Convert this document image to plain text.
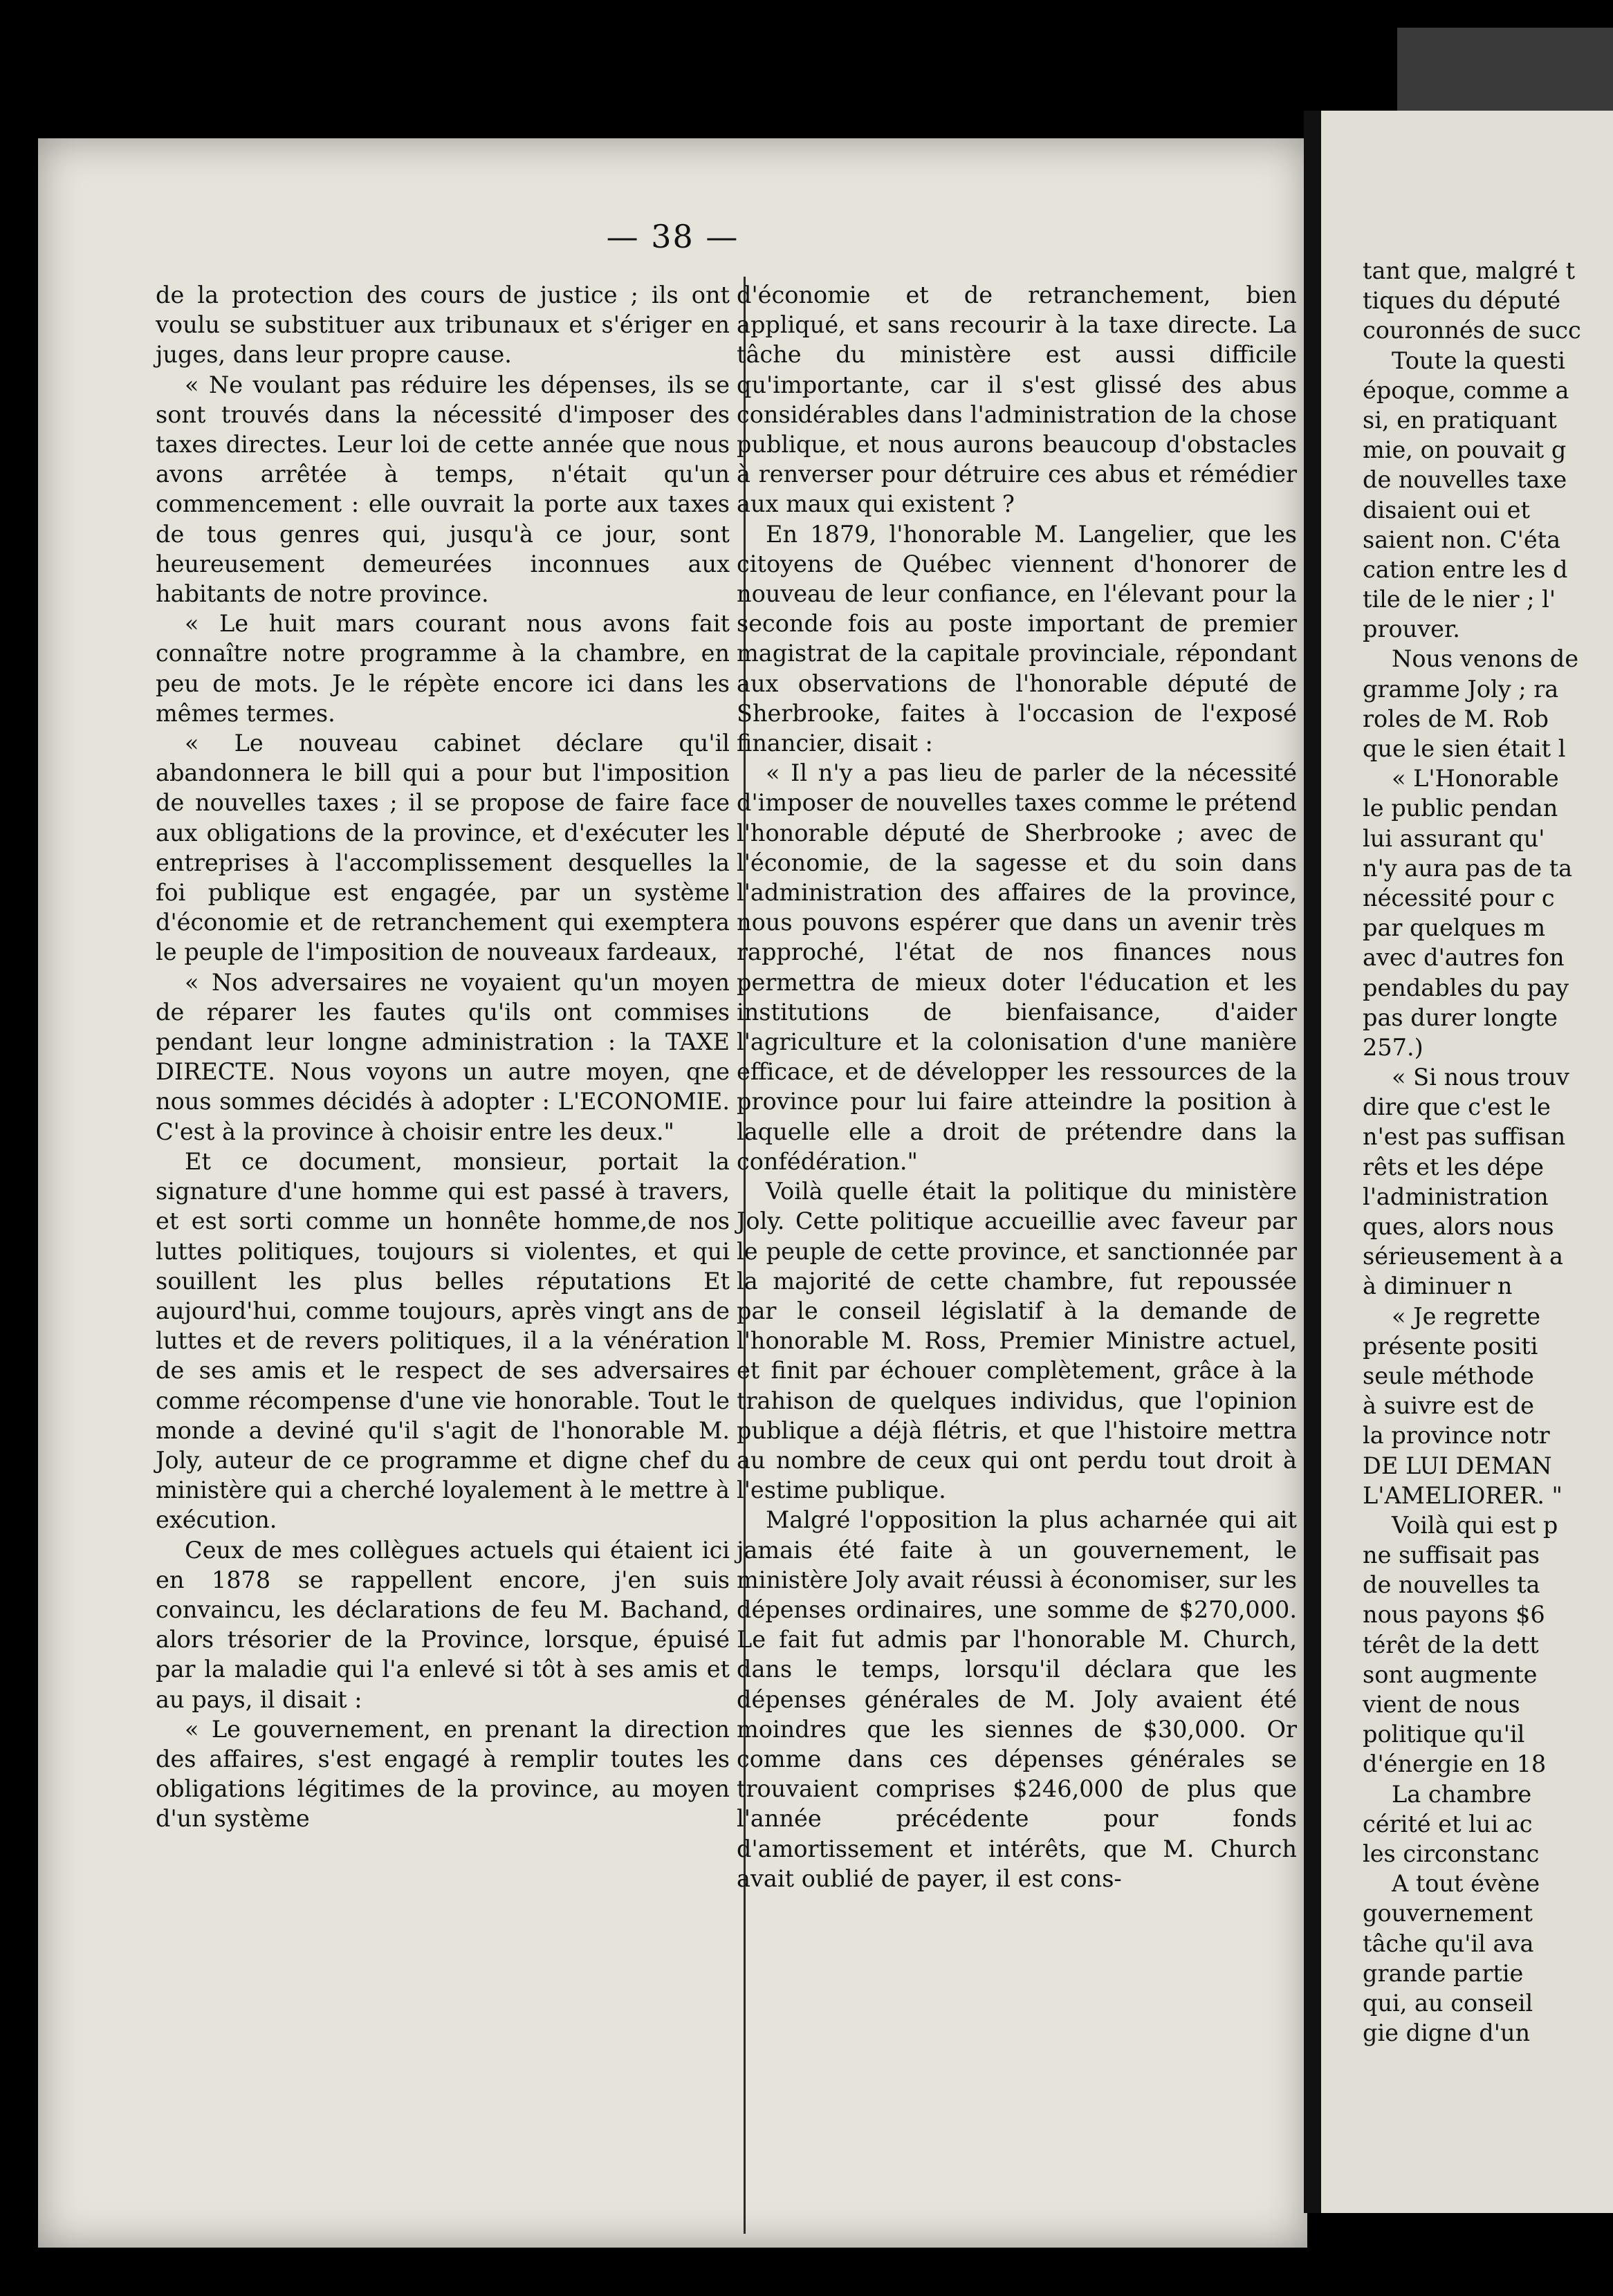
— 38 —

de la protection des cours de justice ; ils ont voulu se substituer aux tribunaux et s'ériger en juges, dans leur propre cause.

« Ne voulant pas réduire les dépenses, ils se sont trouvés dans la nécessité d'imposer des taxes directes. Leur loi de cette année que nous avons arrêtée à temps, n'était qu'un commencement : elle ouvrait la porte aux taxes de tous genres qui, jusqu'à ce jour, sont heureusement demeurées inconnues aux habitants de notre province.

« Le huit mars courant nous avons fait connaître notre programme à la chambre, en peu de mots. Je le répète encore ici dans les mêmes termes.

« Le nouveau cabinet déclare qu'il abandonnera le bill qui a pour but l'imposition de nouvelles taxes ; il se propose de faire face aux obligations de la province, et d'exécuter les entreprises à l'accomplissement desquelles la foi publique est engagée, par un système d'économie et de retranchement qui exemptera le peuple de l'imposition de nouveaux fardeaux,

« Nos adversaires ne voyaient qu'un moyen de réparer les fautes qu'ils ont commises pendant leur longne administration : la TAXE DIRECTE. Nous voyons un autre moyen, qne nous sommes décidés à adopter : L'ECONOMIE. C'est à la province à choisir entre les deux."

Et ce document, monsieur, portait la signature d'une homme qui est passé à travers, et est sorti comme un honnête homme,de nos luttes politiques, toujours si violentes, et qui souillent les plus belles réputations Et aujourd'hui, comme toujours, après vingt ans de luttes et de revers politiques, il a la vénération de ses amis et le respect de ses adversaires comme récompense d'une vie honorable. Tout le monde a deviné qu'il s'agit de l'honorable M. Joly, auteur de ce programme et digne chef du ministère qui a cherché loyalement à le mettre à exécution.

Ceux de mes collègues actuels qui étaient ici en 1878 se rappellent encore, j'en suis convaincu, les déclarations de feu M. Bachand, alors trésorier de la Province, lorsque, épuisé par la maladie qui l'a enlevé si tôt à ses amis et au pays, il disait :

« Le gouvernement, en prenant la direction des affaires, s'est engagé à remplir toutes les obligations légitimes de la province, au moyen d'un système

d'économie et de retranchement, bien appliqué, et sans recourir à la taxe directe. La tâche du ministère est aussi difficile qu'importante, car il s'est glissé des abus considérables dans l'administration de la chose publique, et nous aurons beaucoup d'obstacles à renverser pour détruire ces abus et rémédier aux maux qui existent ?

En 1879, l'honorable M. Langelier, que les citoyens de Québec viennent d'honorer de nouveau de leur confiance, en l'élevant pour la seconde fois au poste important de premier magistrat de la capitale provinciale, répondant aux observations de l'honorable député de Sherbrooke, faites à l'occasion de l'exposé financier, disait :

« Il n'y a pas lieu de parler de la nécessité d'imposer de nouvelles taxes comme le prétend l'honorable député de Sherbrooke ; avec de l'économie, de la sagesse et du soin dans l'administration des affaires de la province, nous pouvons espérer que dans un avenir très rapproché, l'état de nos finances nous permettra de mieux doter l'éducation et les institutions de bienfaisance, d'aider l'agriculture et la colonisation d'une manière efficace, et de développer les ressources de la province pour lui faire atteindre la position à laquelle elle a droit de prétendre dans la confédération."

Voilà quelle était la politique du ministère Joly. Cette politique accueillie avec faveur par le peuple de cette province, et sanctionnée par la majorité de cette chambre, fut repoussée par le conseil législatif à la demande de l'honorable M. Ross, Premier Ministre actuel, et finit par échouer complètement, grâce à la trahison de quelques individus, que l'opinion publique a déjà flétris, et que l'histoire mettra au nombre de ceux qui ont perdu tout droit à l'estime publique.

Malgré l'opposition la plus acharnée qui ait jamais été faite à un gouvernement, le ministère Joly avait réussi à économiser, sur les dépenses ordinaires, une somme de $270,000. Le fait fut admis par l'honorable M. Church, dans le temps, lorsqu'il déclara que les dépenses générales de M. Joly avaient été moindres que les siennes de $30,000. Or comme dans ces dépenses générales se trouvaient comprises $246,000 de plus que l'année précédente pour fonds d'amortissement et intérêts, que M. Church avait oublié de payer, il est cons-

tant que, malgré t
tiques du député
couronnés de succ
Toute la questi
époque, comme a
si, en pratiquant
mie, on pouvait g
de nouvelles taxe
disaient oui et
saient non. C'éta
cation entre les d
tile de le nier ; l'
prouver.
Nous venons de
gramme Joly ; ra
roles de M. Rob
que le sien était l
« L'Honorable
le public pendan
lui assurant qu'
n'y aura pas de ta
nécessité pour c
par quelques m
avec d'autres fon
pendables du pay
pas durer longte
257.)
« Si nous trouv
dire que c'est le
n'est pas suffisan
rêts et les dépe
l'administration
ques, alors nous
sérieusement à a
à diminuer n
« Je regrette
présente positi
seule méthode
à suivre est de
la province notr
DE LUI DEMAN
L'AMELIORER. "
Voilà qui est p
ne suffisait pas
de nouvelles ta
nous payons $6
térêt de la dett
sont augmente
vient de nous
politique qu'il
d'énergie en 18
La chambre
cérité et lui ac
les circonstanc
A tout évène
gouvernement
tâche qu'il ava
grande partie
qui, au conseil
gie digne d'un
